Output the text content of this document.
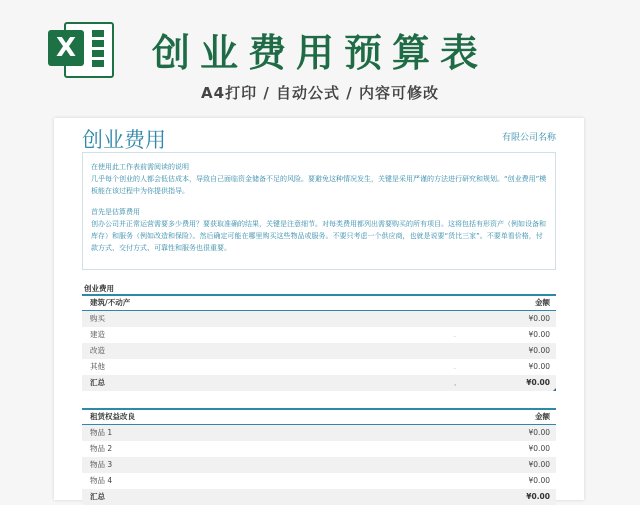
X 创业费用预算表
A4打印 / 自动公式 / 内容可修改
创业费用	有限公司名称

在使用此工作表前需阅读的说明

几乎每个创业的人都会低估成本，导致自己面临资金储备不足的风险。要避免这种情况发生，关键是采用严谨的方法进行研究和规划。“创业费用”模板能在该过程中为你提供指导。

首先是估算费用

创办公司并正常运营需要多少费用？要获取准确的结果，关键是注意细节。对每类费用都列出需要购买的所有项目。这将包括有形资产（例如设备和库存）和服务（例如改造和保险）。然后确定可能在哪里购买这些物品或服务。不要只考虑一个供应商，也就是说要“货比三家”。不要单看价格，付款方式、交付方式、可靠性和服务也很重要。

创业费用
建筑/不动产	金额
购买	¥0.00
建造	·	¥0.00
改造	¥0.00
其他	·	¥0.00
汇总	·	¥0.00
租赁权益改良	金额
物品 1	¥0.00
物品 2	¥0.00
物品 3	¥0.00
物品 4	¥0.00
汇总	¥0.00
